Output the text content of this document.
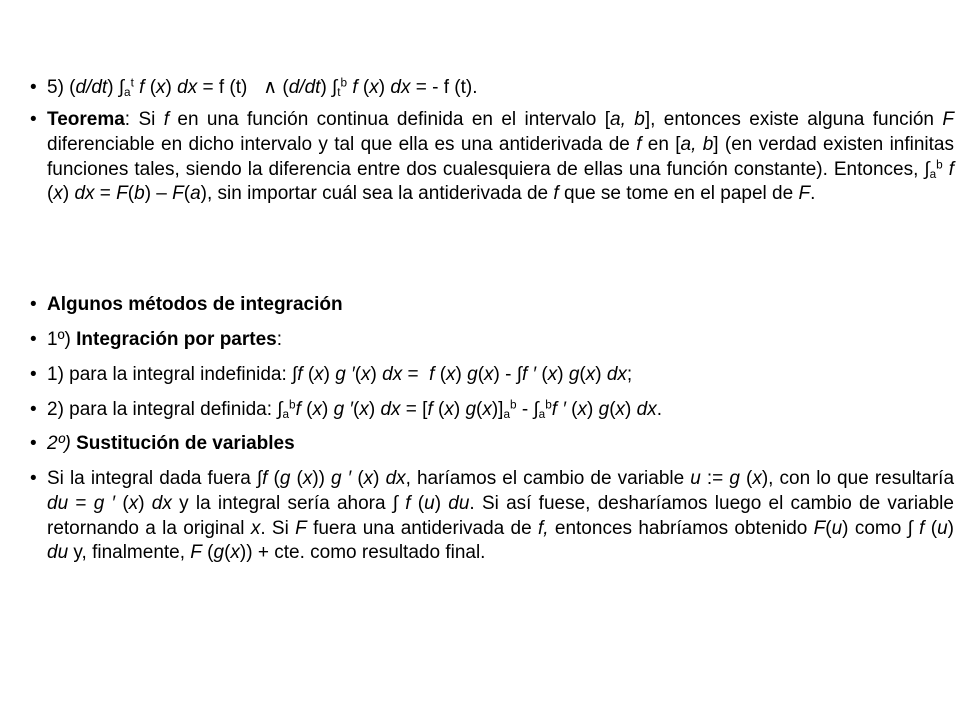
• 5) (d/dt) $\int_a^t$ f (x) dx = f (t)   ∧ (d/dt) $\int_t^b$ f (x) dx = - f (t).
• Teorema: Si f en una función continua definida en el intervalo [a, b], entonces existe alguna función F diferenciable en dicho intervalo y tal que ella es una antiderivada de f en [a, b] (en verdad existen infinitas funciones tales, siendo la diferencia entre dos cualesquiera de ellas una función constante). Entonces, $\int_a^b$ f (x) dx = F(b) – F(a), sin importar cuál sea la antiderivada de f que se tome en el papel de F.
• Algunos métodos de integración
• 1º) Integración por partes:
• 1) para la integral indefinida: ∫f (x) g ′(x) dx =  f (x) g(x) - ∫f ′ (x) g(x) dx;
• 2) para la integral definida: $\int_a^bf$ (x) g ′(x) dx = [f (x) $g(x)]_a^b - \int_a^bf$ ′ (x) g(x) dx.
• 2º) Sustitución de variables
• Si la integral dada fuera ∫f (g (x)) g ′ (x) dx, haríamos el cambio de variable u := g (x), con lo que resultaría du = g ′ (x) dx y la integral sería ahora ∫ f (u) du. Si así fuese, desharíamos luego el cambio de variable retornando a la original x. Si F fuera una antiderivada de f, entonces habríamos obtenido F(u) como ∫ f (u) du y, finalmente, F (g(x)) + cte. como resultado final.
